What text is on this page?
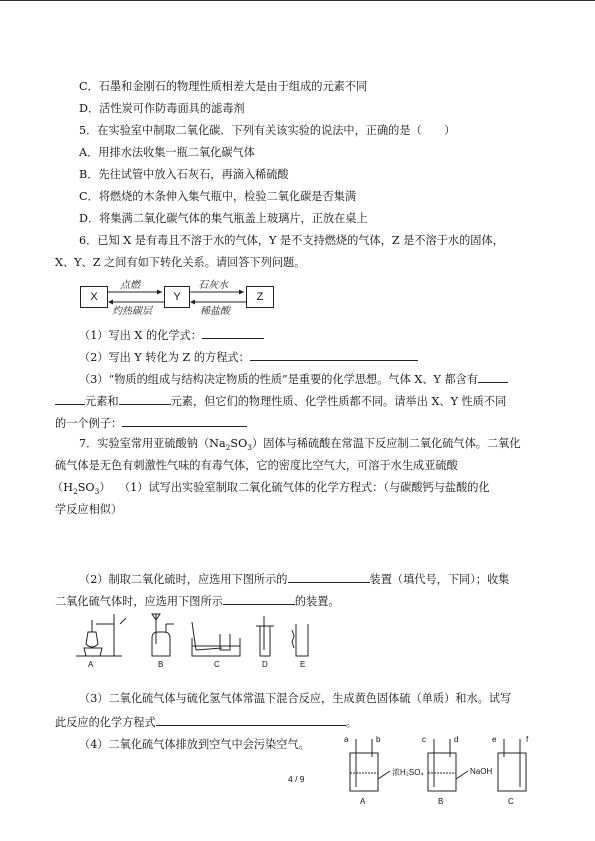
C．石墨和金刚石的物理性质相差大是由于组成的元素不同
D．活性炭可作防毒面具的滤毒剂
5．在实验室中制取二氧化碳．下列有关该实验的说法中，正确的是（　　）
A．用排水法收集一瓶二氧化碳气体
B．先往试管中放入石灰石，再滴入稀硫酸
C．将燃烧的木条伸入集气瓶中，检验二氧化碳是否集满
D．将集满二氧化碳气体的集气瓶盖上玻璃片，正放在桌上
6．已知 X 是有毒且不溶于水的气体，Y 是不支持燃烧的气体，Z 是不溶于水的固体，
X、Y、Z 之间有如下转化关系。请回答下列问题。
X	Y	Z
点燃
灼热碳层
石灰水
稀盐酸
（1）写出 X 的化学式：
（2）写出 Y 转化为 Z 的方程式：
（3）“物质的组成与结构决定物质的性质”是重要的化学思想。气体 X、Y 都含有
元素和	元素，但它们的物理性质、化学性质都不同。请举出 X、Y 性质不同
的一个例子：
7．实验室常用亚硫酸钠$(Na_2SO_3)$固体与稀硫酸在常温下反应制二氧化硫气体。二氧化
硫气体是无色有刺激性气味的有毒气体，它的密度比空气大，可溶于水生成亚硫酸
$(H_2SO_3)$ （1）试写出实验室制取二氧化硫气体的化学方程式：（与碳酸钙与盐酸的化
学反应相似）
（2）制取二氧化硫时，应选用下图所示的	装置（填代号，下同）；收集
二氧化硫气体时，应选用下图所示	的装置。
A	B	C	D	E
（3）二氧化硫气体与硫化氢气体常温下混合反应，生成黄色固体硫（单质）和水。试写
此反应的化学方程式	。
（4）二氧化硫气体排放到空气中会污染空气。	a	b	c	d	e	f
浓H₂SO₄	NaOH
A	B	C
4 / 9
